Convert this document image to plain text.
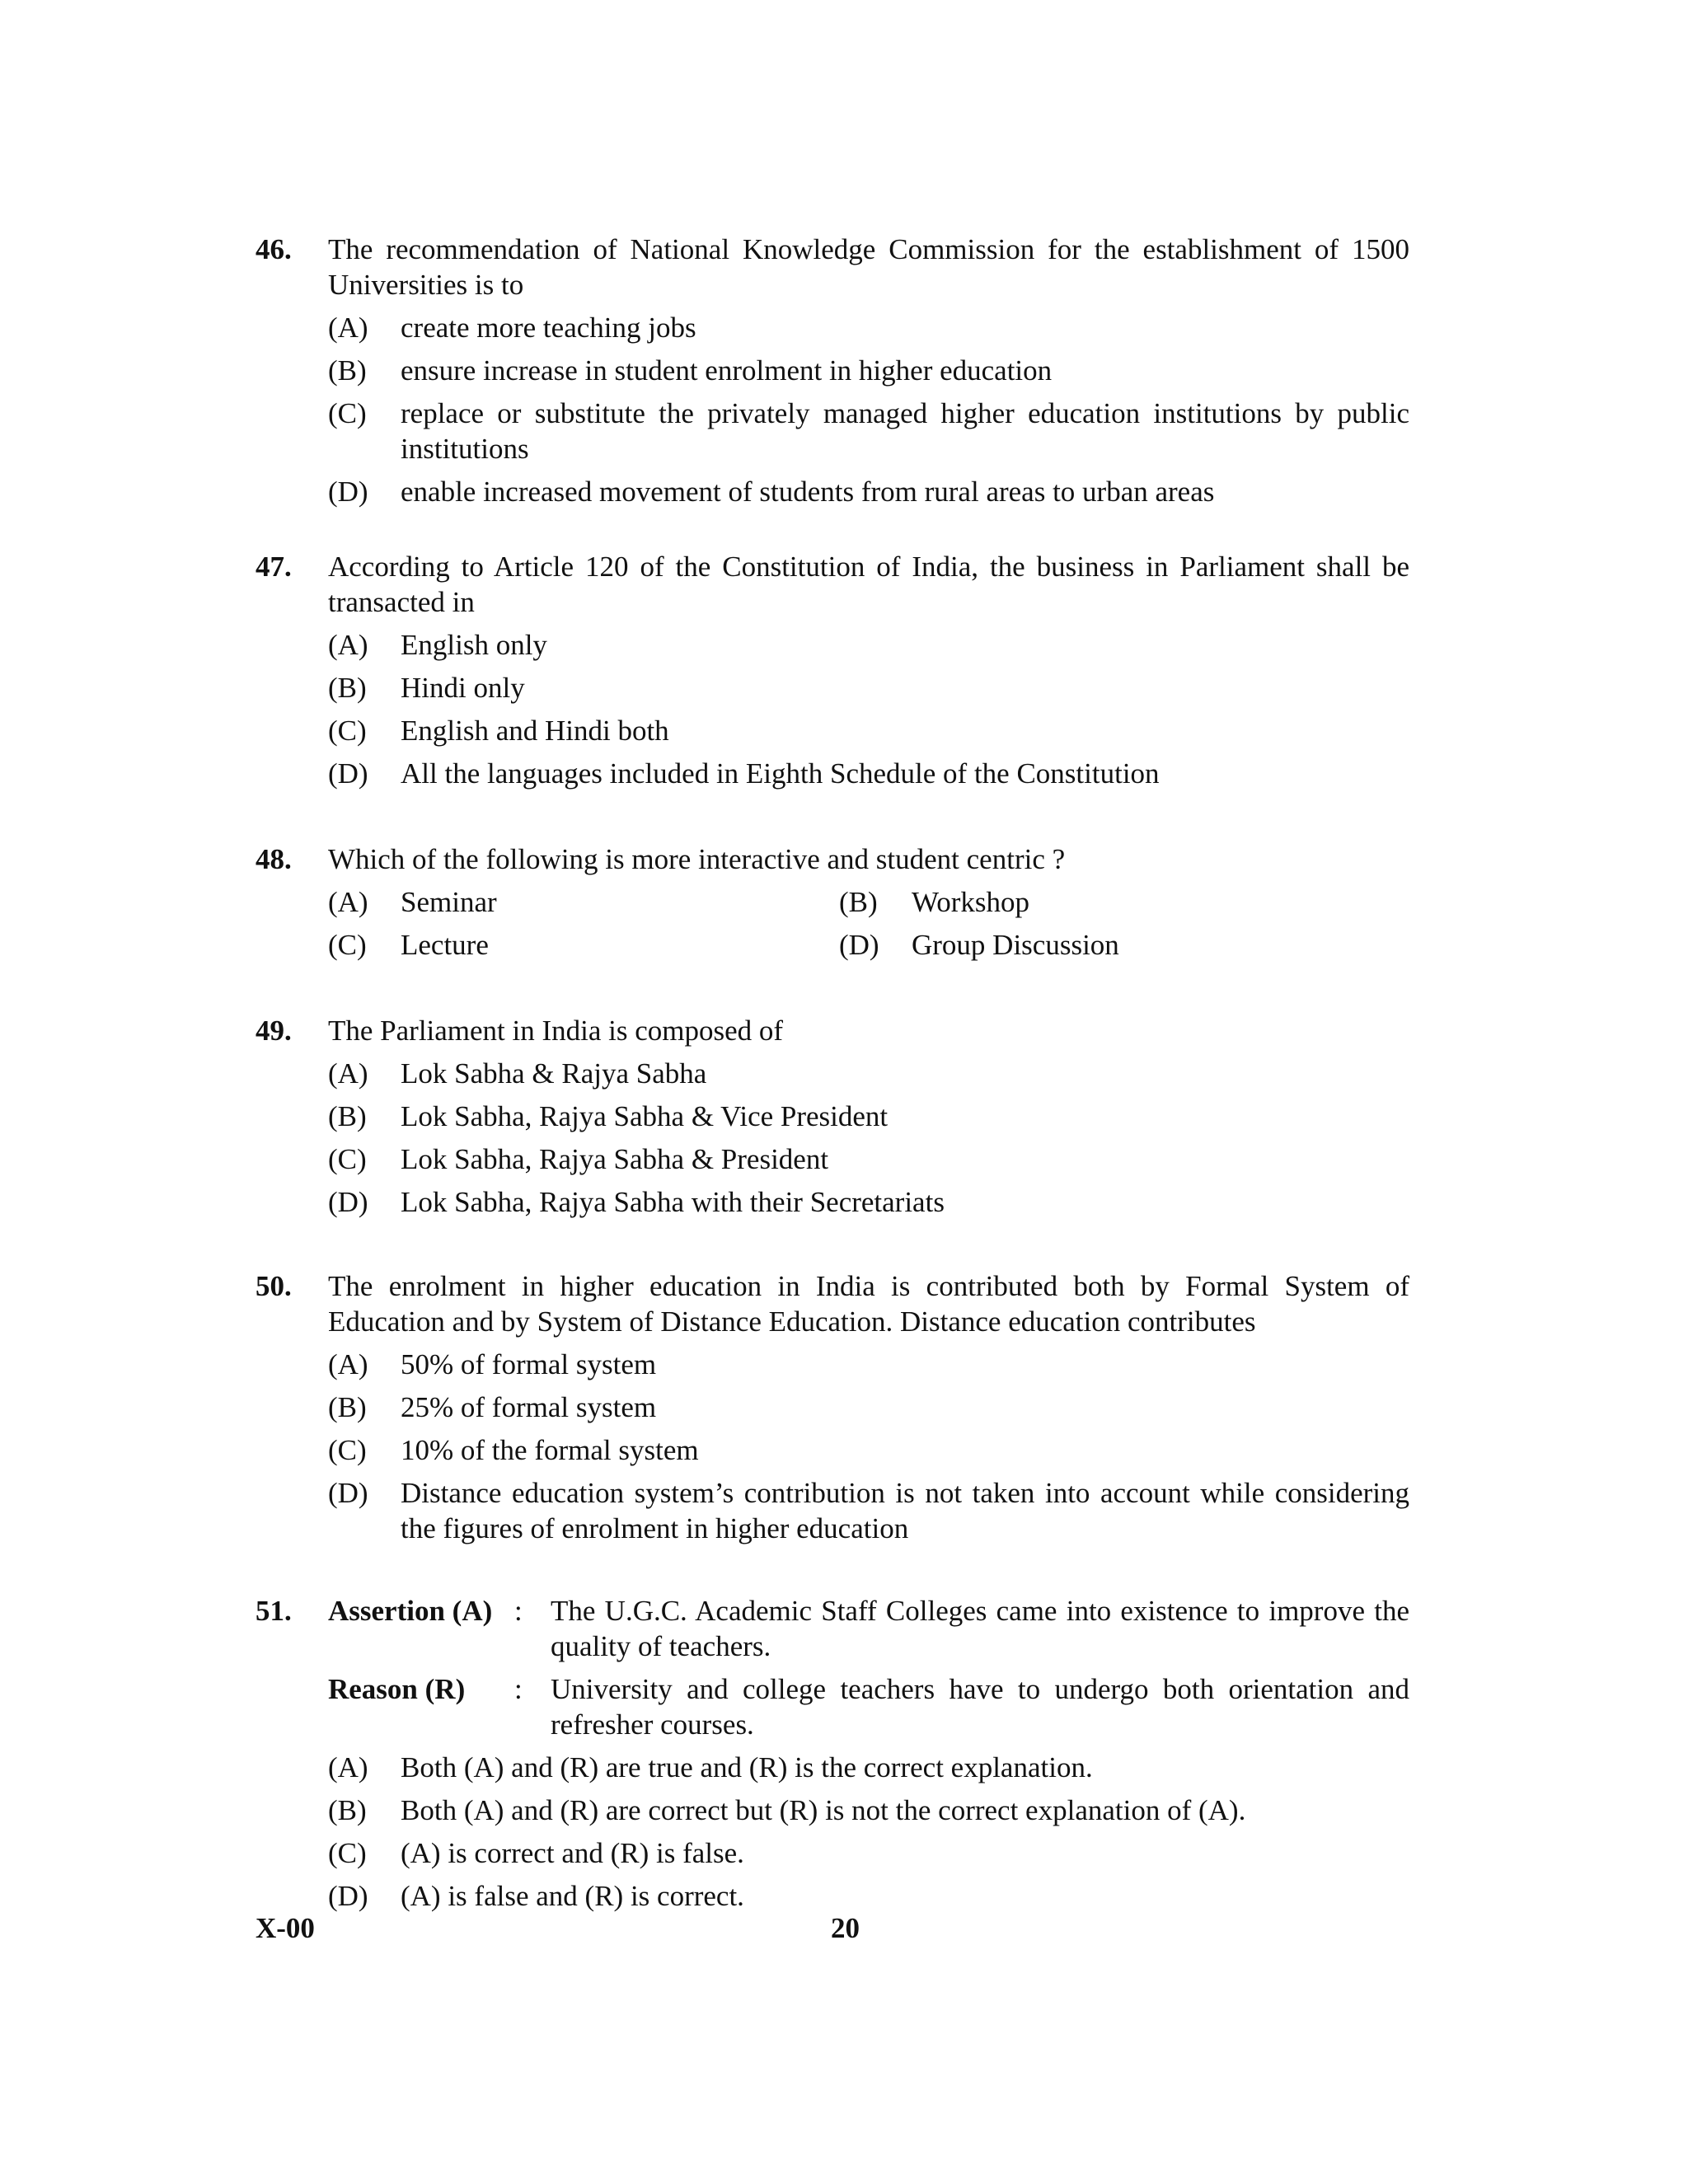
46. The recommendation of National Knowledge Commission for the establishment of 1500 Universities is to
(A) create more teaching jobs
(B) ensure increase in student enrolment in higher education
(C) replace or substitute the privately managed higher education institutions by public institutions
(D) enable increased movement of students from rural areas to urban areas
47. According to Article 120 of the Constitution of India, the business in Parliament shall be transacted in
(A) English only
(B) Hindi only
(C) English and Hindi both
(D) All the languages included in Eighth Schedule of the Constitution
48. Which of the following is more interactive and student centric ?
(A) Seminar	(B) Workshop
(C) Lecture	(D) Group Discussion
49. The Parliament in India is composed of
(A) Lok Sabha & Rajya Sabha
(B) Lok Sabha, Rajya Sabha & Vice President
(C) Lok Sabha, Rajya Sabha & President
(D) Lok Sabha, Rajya Sabha with their Secretariats
50. The enrolment in higher education in India is contributed both by Formal System of Education and by System of Distance Education. Distance education contributes
(A) 50% of formal system
(B) 25% of formal system
(C) 10% of the formal system
(D) Distance education system’s contribution is not taken into account while considering the figures of enrolment in higher education
51. Assertion (A) : The U.G.C. Academic Staff Colleges came into existence to improve the quality of teachers.
Reason (R) : University and college teachers have to undergo both orientation and refresher courses.
(A) Both (A) and (R) are true and (R) is the correct explanation.
(B) Both (A) and (R) are correct but (R) is not the correct explanation of (A).
(C) (A) is correct and (R) is false.
(D) (A) is false and (R) is correct.
X-00	20
